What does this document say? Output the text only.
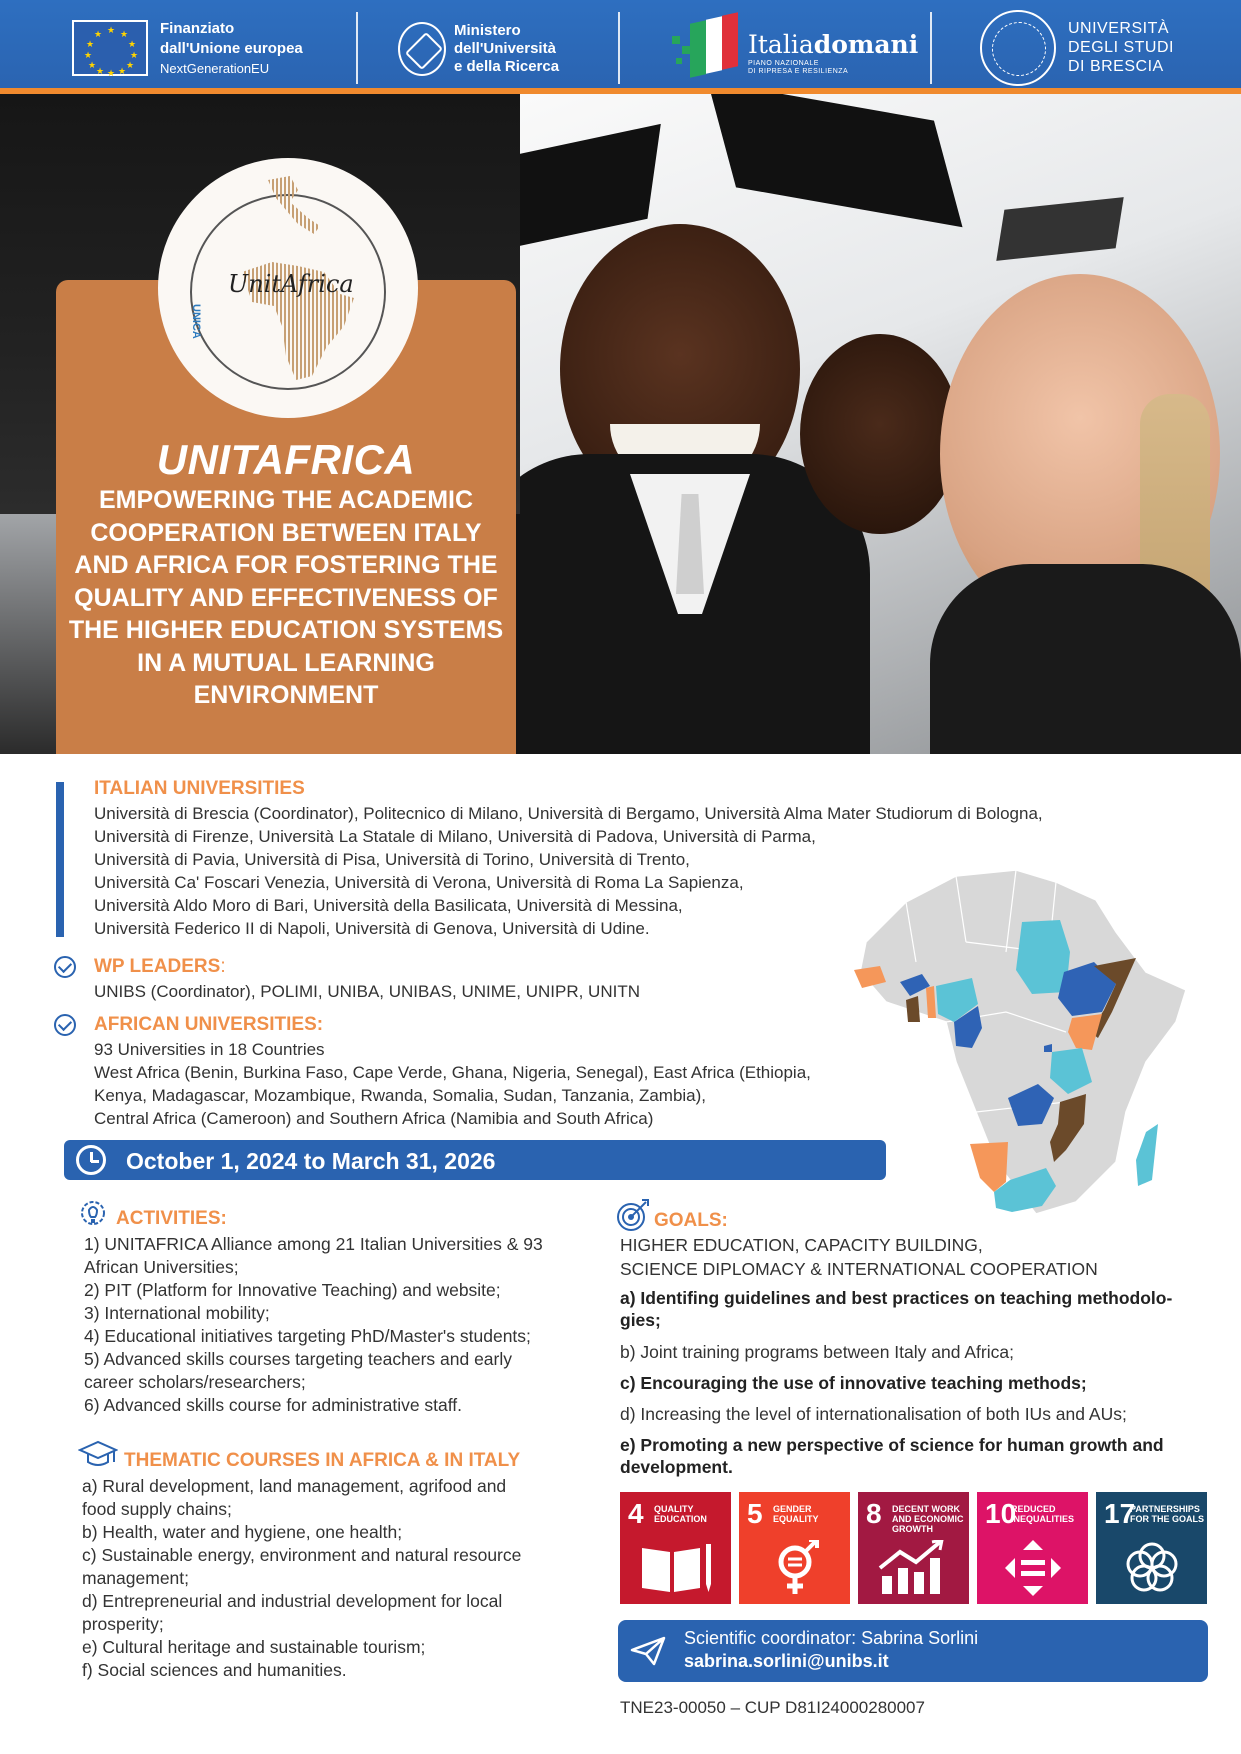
★ ★
★
★
★
★
★
★
★
★
★
★	Finanziato
dall'Unione europea
NextGenerationEU
Ministero
dell'Università
e della Ricerca
Italiadomani
PIANO NAZIONALE
DI RIPRESA E RESILIENZA
UNIVERSITÀ
DEGLI STUDI
DI BRESCIA
UnitAfrica
UNICA
UNITAFRICA
EMPOWERING THE ACADEMIC
COOPERATION BETWEEN ITALY
AND AFRICA FOR FOSTERING THE
QUALITY AND EFFECTIVENESS OF
THE HIGHER EDUCATION SYSTEMS
IN A MUTUAL LEARNING
ENVIRONMENT
ITALIAN UNIVERSITIES
Università di Brescia (Coordinator), Politecnico di Milano, Università di Bergamo, Università Alma Mater Studiorum di Bologna,
Università di Firenze, Università La Statale di Milano, Università di Padova, Università di Parma,
Università di Pavia, Università di Pisa, Università di Torino, Università di Trento,
Università Ca' Foscari Venezia, Università di Verona, Università di Roma La Sapienza,
Università Aldo Moro di Bari, Università della Basilicata, Università di Messina,
Università Federico II di Napoli, Università di Genova, Università di Udine.
WP LEADERS:
UNIBS (Coordinator), POLIMI, UNIBA, UNIBAS, UNIME, UNIPR, UNITN
AFRICAN UNIVERSITIES:
93 Universities in 18 Countries
West Africa (Benin, Burkina Faso, Cape Verde, Ghana, Nigeria, Senegal), East Africa (Ethiopia,
Kenya, Madagascar, Mozambique, Rwanda, Somalia, Sudan, Tanzania, Zambia),
Central Africa (Cameroon) and Southern Africa (Namibia and South Africa)
October 1, 2024 to March 31, 2026
ACTIVITIES:
1) UNITAFRICA Alliance among 21 Italian Universities & 93
African Universities;
2) PIT (Platform for Innovative Teaching) and website;
3) International mobility;
4) Educational initiatives targeting PhD/Master's students;
5) Advanced skills courses targeting teachers and early
career scholars/researchers;
6) Advanced skills course for administrative staff.
THEMATIC COURSES IN AFRICA & IN ITALY
a) Rural development, land management, agrifood and
food supply chains;
b) Health, water and hygiene, one health;
c) Sustainable energy, environment and natural resource
management;
d) Entrepreneurial and industrial development for local
prosperity;
e) Cultural heritage and sustainable tourism;
f) Social sciences and humanities.
GOALS:
HIGHER EDUCATION, CAPACITY BUILDING,
SCIENCE DIPLOMACY & INTERNATIONAL COOPERATION
a) Identifing guidelines and best practices on teaching methodolo-
gies;
b) Joint training programs between Italy and Africa;
c) Encouraging the use of innovative teaching methods;
d) Increasing the level of internationalisation of both IUs and AUs;
e) Promoting a new perspective of science for human growth and
development.
4 QUALITY EDUCATION	5 GENDER EQUALITY	8 DECENT WORK AND ECONOMIC GROWTH	10
REDUCED INEQUALITIES	17
PARTNERSHIPS FOR THE GOALS
Scientific coordinator: Sabrina Sorlini
sabrina.sorlini@unibs.it
TNE23-00050 – CUP D81I24000280007
